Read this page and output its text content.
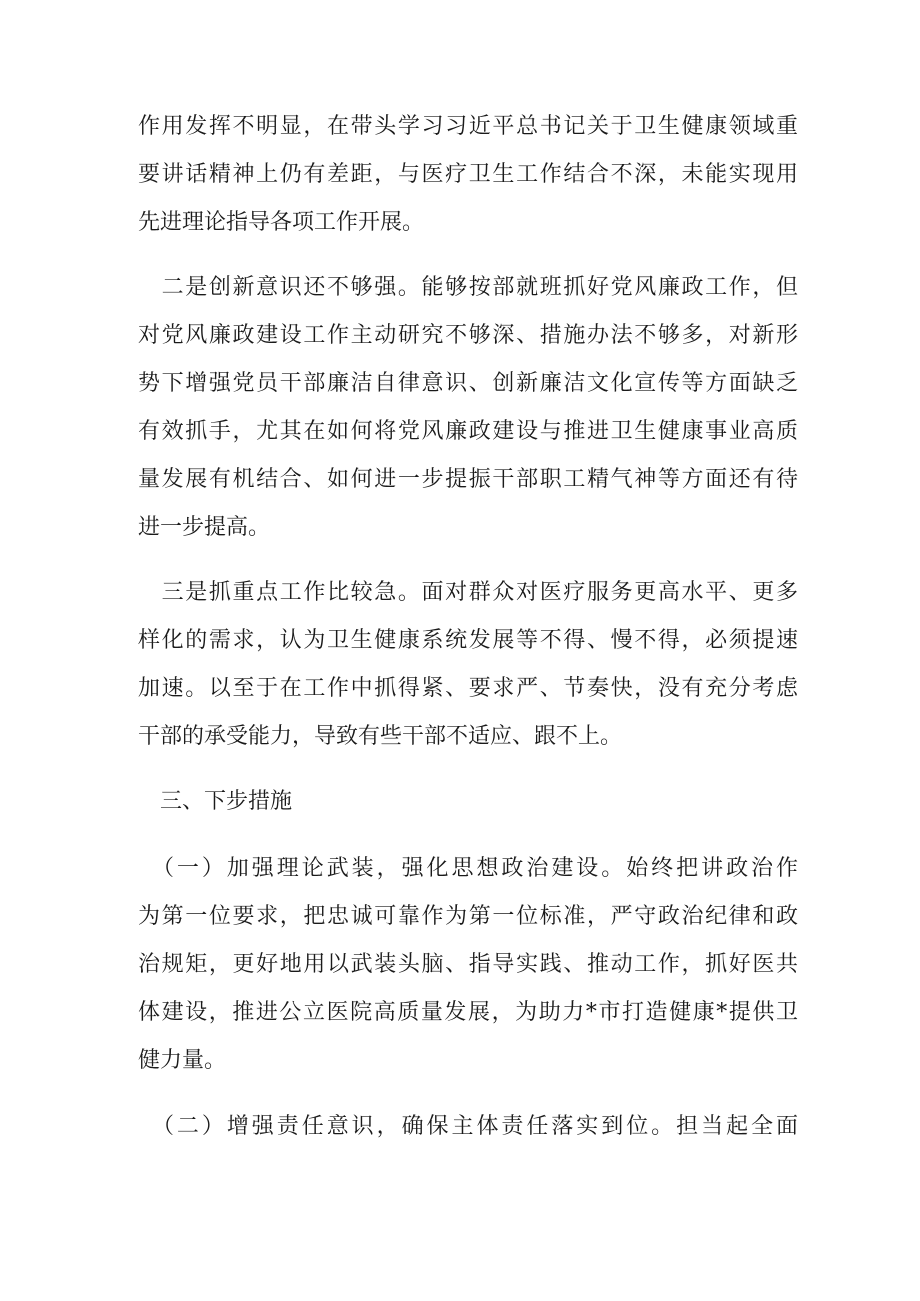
作用发挥不明显，在带头学习习近平总书记关于卫生健康领域重
要讲话精神上仍有差距，与医疗卫生工作结合不深，未能实现用
先进理论指导各项工作开展。
　二是创新意识还不够强。能够按部就班抓好党风廉政工作，但
对党风廉政建设工作主动研究不够深、措施办法不够多，对新形
势下增强党员干部廉洁自律意识、创新廉洁文化宣传等方面缺乏
有效抓手，尤其在如何将党风廉政建设与推进卫生健康事业高质
量发展有机结合、如何进一步提振干部职工精气神等方面还有待
进一步提高。
　三是抓重点工作比较急。面对群众对医疗服务更高水平、更多
样化的需求，认为卫生健康系统发展等不得、慢不得，必须提速
加速。以至于在工作中抓得紧、要求严、节奏快，没有充分考虑
干部的承受能力，导致有些干部不适应、跟不上。
　三、下步措施
　（一）加强理论武装，强化思想政治建设。始终把讲政治作
为第一位要求，把忠诚可靠作为第一位标准，严守政治纪律和政
治规矩，更好地用以武装头脑、指导实践、推动工作，抓好医共
体建设，推进公立医院高质量发展，为助力*市打造健康*提供卫
健力量。
　（二）增强责任意识，确保主体责任落实到位。担当起全面
